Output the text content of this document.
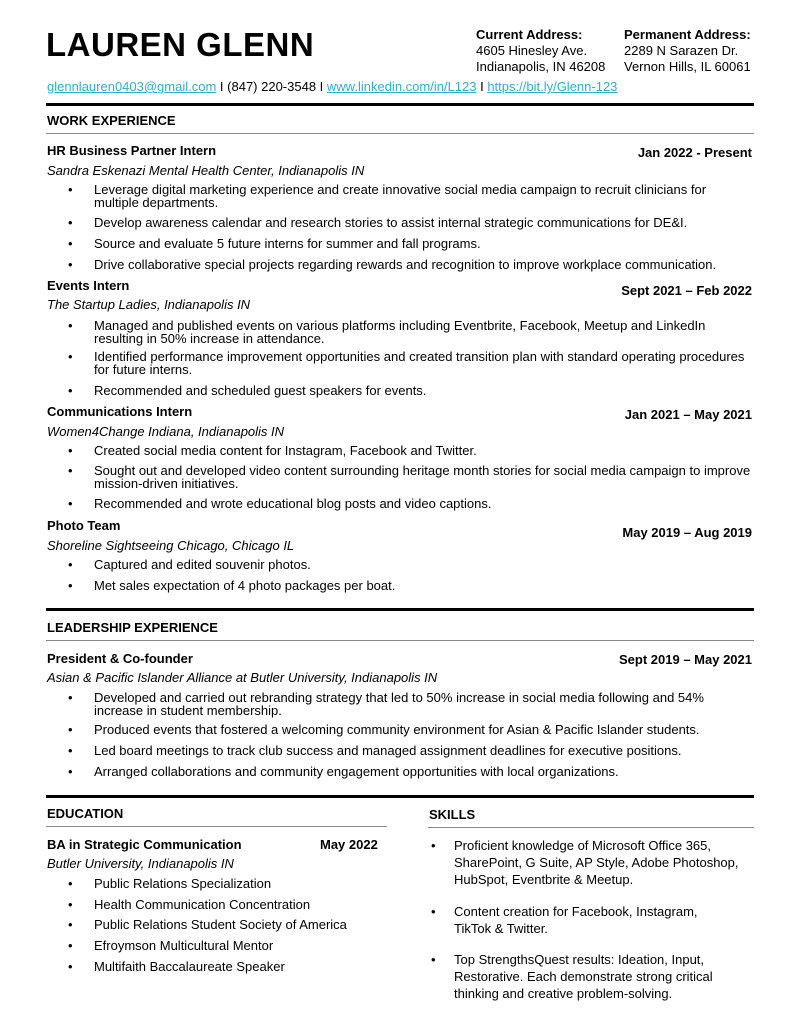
LAUREN GLENN	Current Address:
4605 Hinesley Ave.
Indianapolis, IN 46208
Permanent Address:
2289 N Sarazen Dr.
Vernon Hills, IL 60061
glennlauren0403@gmail.com I (847) 220-3548 I www.linkedin.com/in/L123 I https://bit.ly/Glenn-123
WORK EXPERIENCE
HR Business Partner Intern	Jan 2022 - Present
Sandra Eskenazi Mental Health Center, Indianapolis IN
• Leverage digital marketing experience and create innovative social media campaign to recruit clinicians for multiple departments.
• Develop awareness calendar and research stories to assist internal strategic communications for DE&I.
• Source and evaluate 5 future interns for summer and fall programs.
• Drive collaborative special projects regarding rewards and recognition to improve workplace communication.
Events Intern	Sept 2021 – Feb 2022
The Startup Ladies, Indianapolis IN
• Managed and published events on various platforms including Eventbrite, Facebook, Meetup and LinkedIn resulting in 50% increase in attendance.
• Identified performance improvement opportunities and created transition plan with standard operating procedures for future interns.
• Recommended and scheduled guest speakers for events.
Communications Intern	Jan 2021 – May 2021
Women4Change Indiana, Indianapolis IN
• Created social media content for Instagram, Facebook and Twitter.
• Sought out and developed video content surrounding heritage month stories for social media campaign to improve mission-driven initiatives.
• Recommended and wrote educational blog posts and video captions.
Photo Team	May 2019 – Aug 2019
Shoreline Sightseeing Chicago, Chicago IL
• Captured and edited souvenir photos.
• Met sales expectation of 4 photo packages per boat.
LEADERSHIP EXPERIENCE
President & Co-founder	Sept 2019 – May 2021
Asian & Pacific Islander Alliance at Butler University, Indianapolis IN
• Developed and carried out rebranding strategy that led to 50% increase in social media following and 54% increase in student membership.
• Produced events that fostered a welcoming community environment for Asian & Pacific Islander students.
• Led board meetings to track club success and managed assignment deadlines for executive positions.
• Arranged collaborations and community engagement opportunities with local organizations.
EDUCATION	SKILLS
BA in Strategic Communication	May 2022
Butler University, Indianapolis IN
• Public Relations Specialization
• Health Communication Concentration
• Public Relations Student Society of America
• Efroymson Multicultural Mentor
• Multifaith Baccalaureate Speaker
• Proficient knowledge of Microsoft Office 365, SharePoint, G Suite, AP Style, Adobe Photoshop, HubSpot, Eventbrite & Meetup.
• Content creation for Facebook, Instagram, TikTok & Twitter.
• Top StrengthsQuest results: Ideation, Input, Restorative. Each demonstrate strong critical thinking and creative problem-solving.
